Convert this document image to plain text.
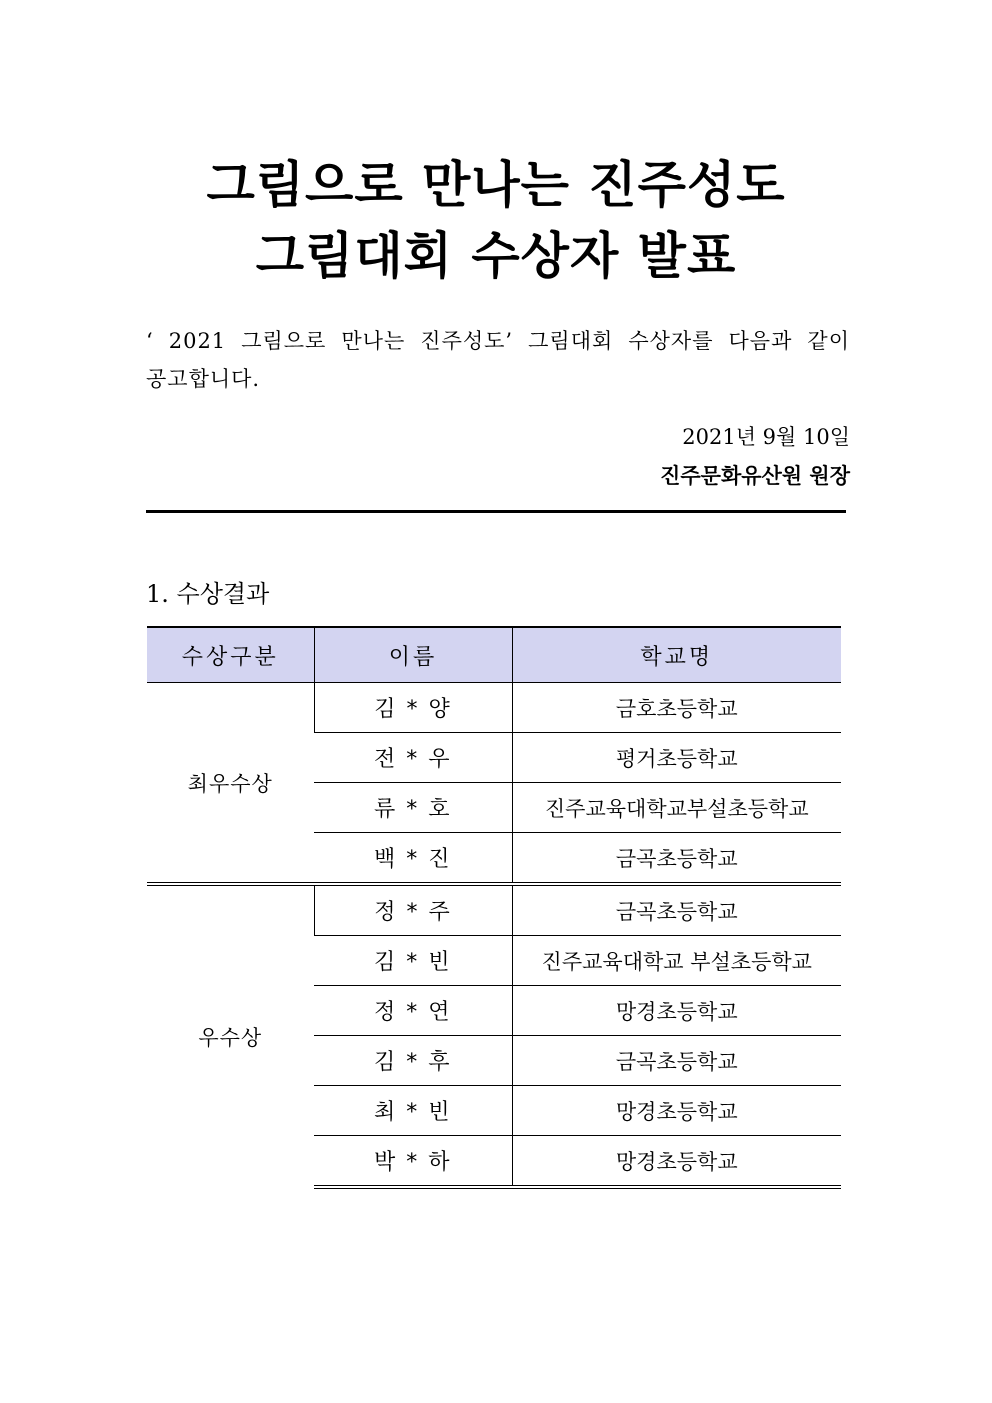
그림으로 만나는 진주성도
그림대회 수상자 발표
‘ 2021 그림으로 만나는 진주성도’ 그림대회 수상자를 다음과 같이 공고합니다.
2021년 9월 10일
진주문화유산원 원장
1. 수상결과
수상구분	이름	학교명
최우수상	김 * 양	금호초등학교
	전 * 우	평거초등학교
	류 * 호	진주교육대학교부설초등학교
	백 * 진	금곡초등학교
우수상	정 * 주	금곡초등학교
	김 * 빈	진주교육대학교 부설초등학교
	정 * 연	망경초등학교
	김 * 후	금곡초등학교
	최 * 빈	망경초등학교
	박 * 하	망경초등학교
